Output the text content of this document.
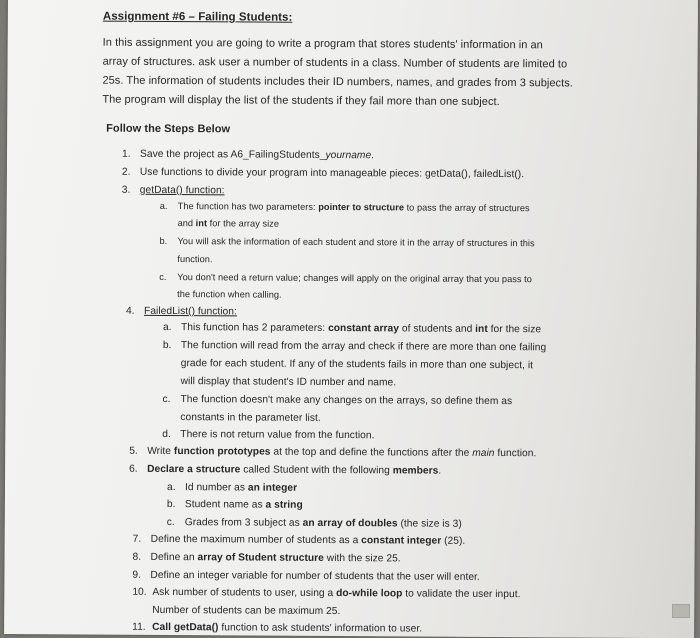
Assignment #6 – Failing Students:
In this assignment you are going to write a program that stores students' information in an
array of structures. ask user a number of students in a class. Number of students are limited to
25s. The information of students includes their ID numbers, names, and grades from 3 subjects.
The program will display the list of the students if they fail more than one subject.
Follow the Steps Below
1. Save the project as A6_FailingStudents_yourname.
2. Use functions to divide your program into manageable pieces: getData(), failedList().
3. getData() function:
a. The function has two parameters: pointer to structure to pass the array of structures
and int for the array size
b. You will ask the information of each student and store it in the array of structures in this
function.
c. You don't need a return value; changes will apply on the original array that you pass to
the function when calling.
4. FailedList() function:
a. This function has 2 parameters: constant array of students and int for the size
b. The function will read from the array and check if there are more than one failing
grade for each student. If any of the students fails in more than one subject, it
will display that student's ID number and name.
c. The function doesn't make any changes on the arrays, so define them as
constants in the parameter list.
d. There is not return value from the function.
5. Write function prototypes at the top and define the functions after the main function.
6. Declare a structure called Student with the following members.
a. Id number as an integer
b. Student name as a string
c. Grades from 3 subject as an array of doubles (the size is 3)
7. Define the maximum number of students as a constant integer (25).
8. Define an array of Student structure with the size 25.
9. Define an integer variable for number of students that the user will enter.
10. Ask number of students to user, using a do-while loop to validate the user input.
Number of students can be maximum 25.
11. Call getData() function to ask students' information to user.
